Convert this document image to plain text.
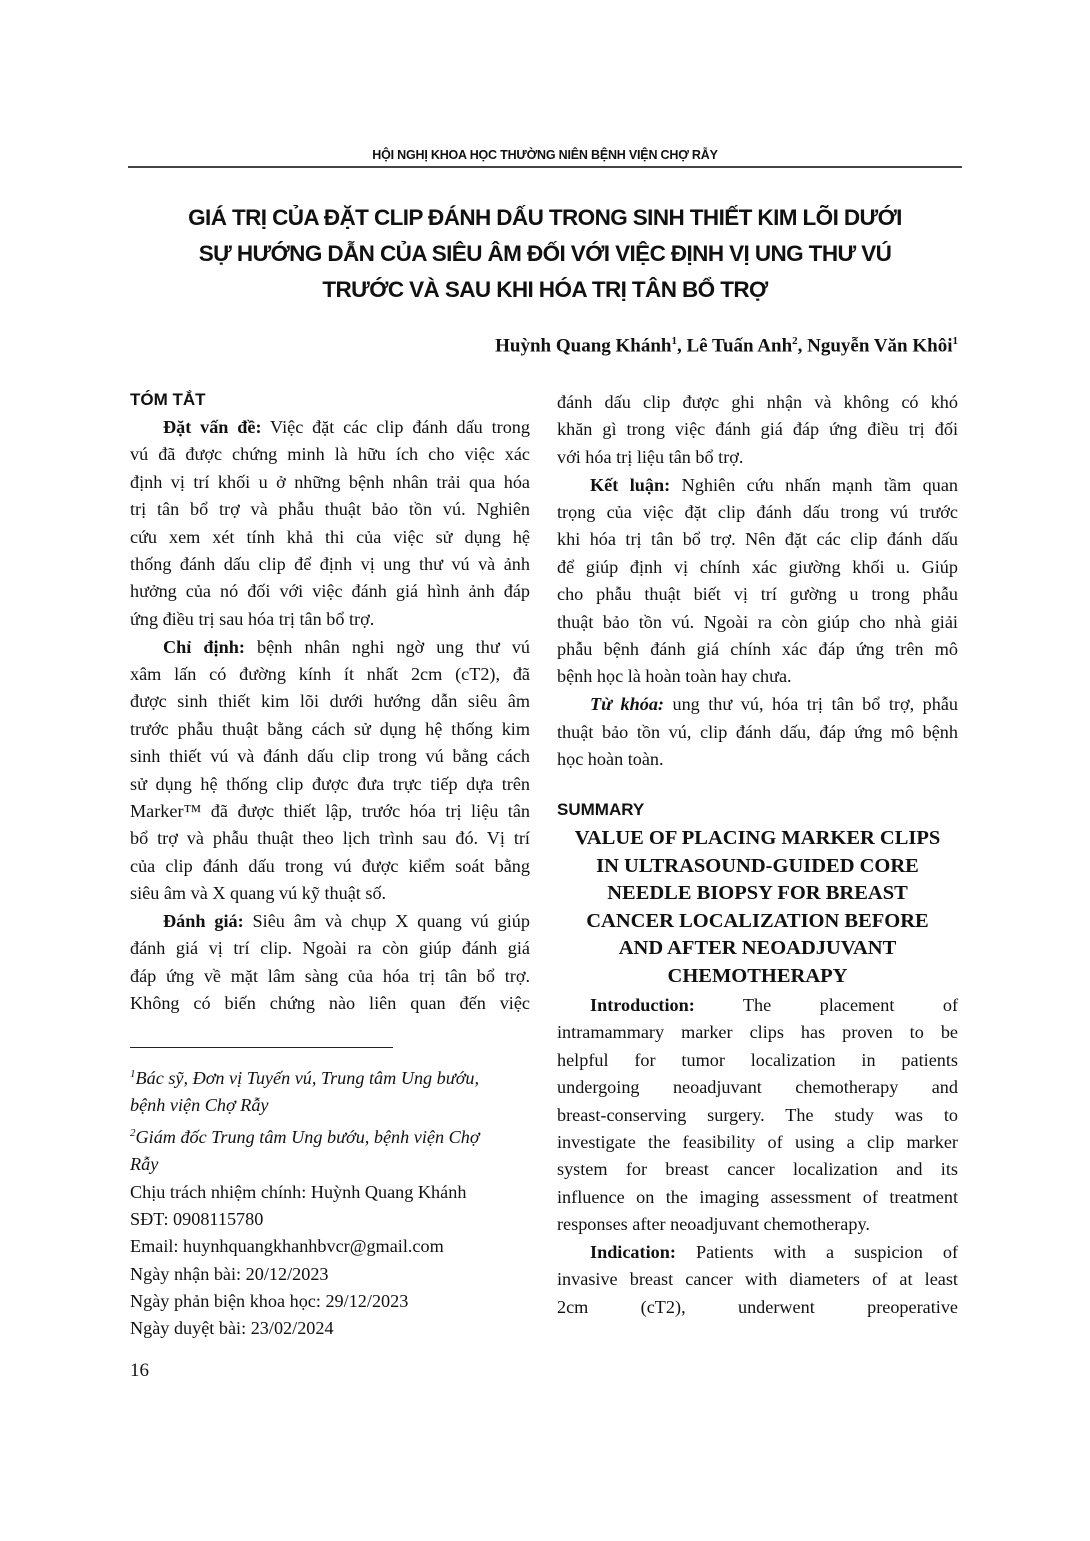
HỘI NGHỊ KHOA HỌC THƯỜNG NIÊN BỆNH VIỆN CHỢ RẪY
GIÁ TRỊ CỦA ĐẶT CLIP ĐÁNH DẤU TRONG SINH THIẾT KIM LÕI DƯỚI
SỰ HƯỚNG DẪN CỦA SIÊU ÂM ĐỐI VỚI VIỆC ĐỊNH VỊ UNG THƯ VÚ
TRƯỚC VÀ SAU KHI HÓA TRỊ TÂN BỔ TRỢ
Huỳnh Quang Khánh$^1$, Lê Tuấn Anh$^2$, Nguyễn Văn Khôi$^1$
TÓM TẮT
Đặt vấn đề: Việc đặt các clip đánh dấu trong
vú đã được chứng minh là hữu ích cho việc xác
định vị trí khối u ở những bệnh nhân trải qua hóa
trị tân bổ trợ và phẫu thuật bảo tồn vú. Nghiên
cứu xem xét tính khả thi của việc sử dụng hệ
thống đánh dấu clip để định vị ung thư vú và ảnh
hưởng của nó đối với việc đánh giá hình ảnh đáp
ứng điều trị sau hóa trị tân bổ trợ.
Chỉ định: bệnh nhân nghi ngờ ung thư vú
xâm lấn có đường kính ít nhất 2cm (cT2), đã
được sinh thiết kim lõi dưới hướng dẫn siêu âm
trước phẫu thuật bằng cách sử dụng hệ thống kim
sinh thiết vú và đánh dấu clip trong vú bằng cách
sử dụng hệ thống clip được đưa trực tiếp dựa trên
Marker™ đã được thiết lập, trước hóa trị liệu tân
bổ trợ và phẫu thuật theo lịch trình sau đó. Vị trí
của clip đánh dấu trong vú được kiểm soát bằng
siêu âm và X quang vú kỹ thuật số.
Đánh giá: Siêu âm và chụp X quang vú giúp
đánh giá vị trí clip. Ngoài ra còn giúp đánh giá
đáp ứng về mặt lâm sàng của hóa trị tân bổ trợ.
Không có biến chứng nào liên quan đến việc
đánh dấu clip được ghi nhận và không có khó
khăn gì trong việc đánh giá đáp ứng điều trị đối
với hóa trị liệu tân bổ trợ.
Kết luận: Nghiên cứu nhấn mạnh tầm quan
trọng của việc đặt clip đánh dấu trong vú trước
khi hóa trị tân bổ trợ. Nên đặt các clip đánh dấu
để giúp định vị chính xác giường khối u. Giúp
cho phẫu thuật biết vị trí gường u trong phẫu
thuật bảo tồn vú. Ngoài ra còn giúp cho nhà giải
phẫu bệnh đánh giá chính xác đáp ứng trên mô
bệnh học là hoàn toàn hay chưa.
Từ khóa: ung thư vú, hóa trị tân bổ trợ, phẫu
thuật bảo tồn vú, clip đánh dấu, đáp ứng mô bệnh
học hoàn toàn.
SUMMARY
VALUE OF PLACING MARKER CLIPS
IN ULTRASOUND-GUIDED CORE
NEEDLE BIOPSY FOR BREAST
CANCER LOCALIZATION BEFORE
AND AFTER NEOADJUVANT
CHEMOTHERAPY
Introduction: The placement of
intramammary marker clips has proven to be
helpful for tumor localization in patients
undergoing neoadjuvant chemotherapy and
breast-conserving surgery. The study was to
investigate the feasibility of using a clip marker
system for breast cancer localization and its
influence on the imaging assessment of treatment
responses after neoadjuvant chemotherapy.
Indication: Patients with a suspicion of
invasive breast cancer with diameters of at least
2cm (cT2), underwent preoperative
$^1$Bác sỹ, Đơn vị Tuyến vú, Trung tâm Ung bướu,
bệnh viện Chợ Rẫy
$^2$Giám đốc Trung tâm Ung bướu, bệnh viện Chợ
Rẫy
Chịu trách nhiệm chính: Huỳnh Quang Khánh
SĐT: 0908115780
Email: huynhquangkhanhbvcr@gmail.com
Ngày nhận bài: 20/12/2023
Ngày phản biện khoa học: 29/12/2023
Ngày duyệt bài: 23/02/2024
16
